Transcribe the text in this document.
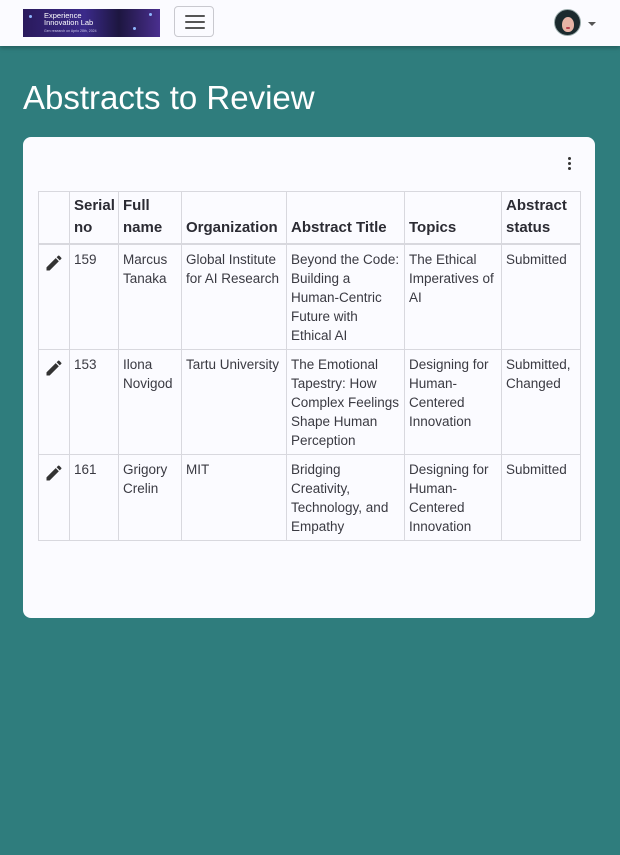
Experience
Innovation Lab
Gen research on Aprio 28th, 2024
Abstracts to Review
	Serial no	Full name	Organization	Abstract Title	Topics	Abstract status

	159	Marcus Tanaka	Global Institute for AI Research	Beyond the Code: Building a Human-Centric Future with Ethical AI	The Ethical Imperatives of AI	Submitted

	153	Ilona Novigod	Tartu University	The Emotional Tapestry: How Complex Feelings Shape Human Perception	Designing for Human-Centered Innovation	Submitted, Changed

	161	Grigory Crelin	MIT	Bridging Creativity, Technology, and Empathy	Designing for Human-Centered Innovation	Submitted
